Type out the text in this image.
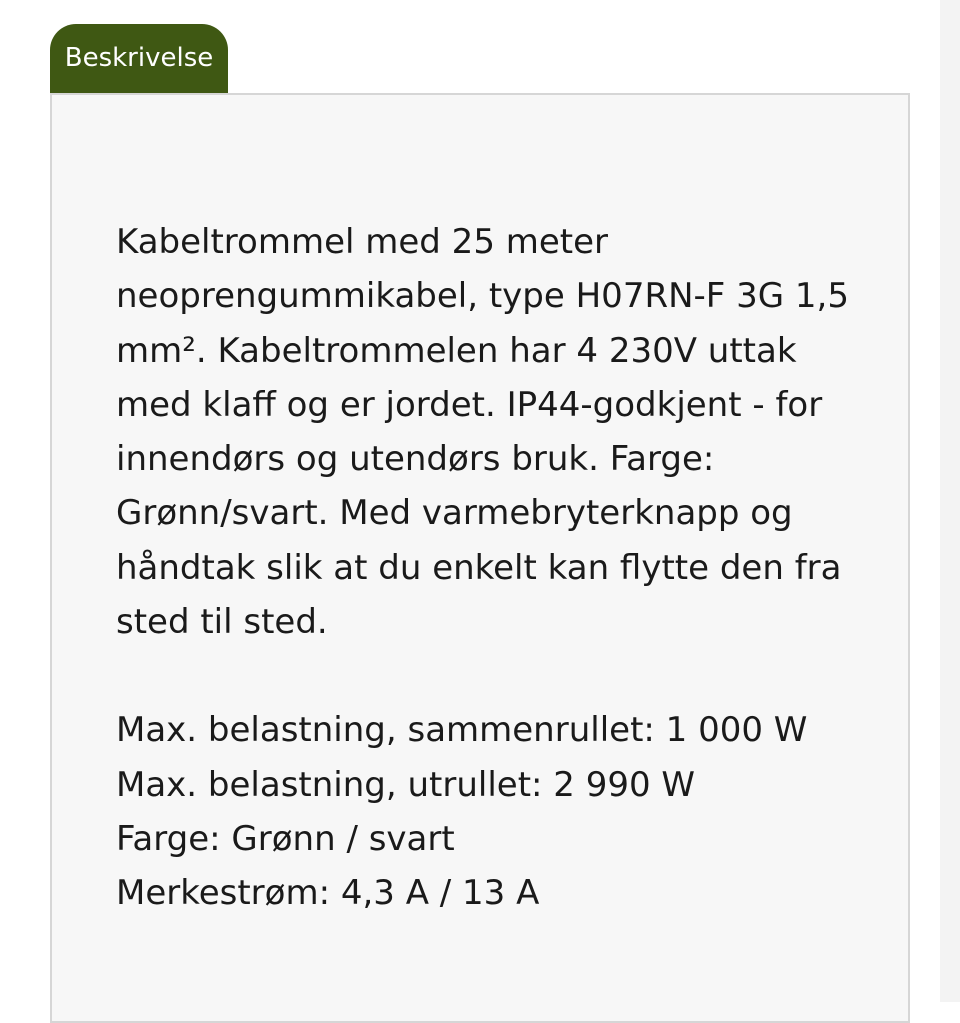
Beskrivelse

Kabeltrommel med 25 meter neoprengummikabel, type H07RN-F 3G 1,5 mm². Kabeltrommelen har 4 230V uttak med klaff og er jordet. IP44-godkjent - for innendørs og utendørs bruk. Farge: Grønn/svart. Med varmebryterknapp og håndtak slik at du enkelt kan flytte den fra sted til sted.

Max. belastning, sammenrullet: 1 000 W
Max. belastning, utrullet: 2 990 W
Farge: Grønn / svart
Merkestrøm: 4,3 A / 13 A
